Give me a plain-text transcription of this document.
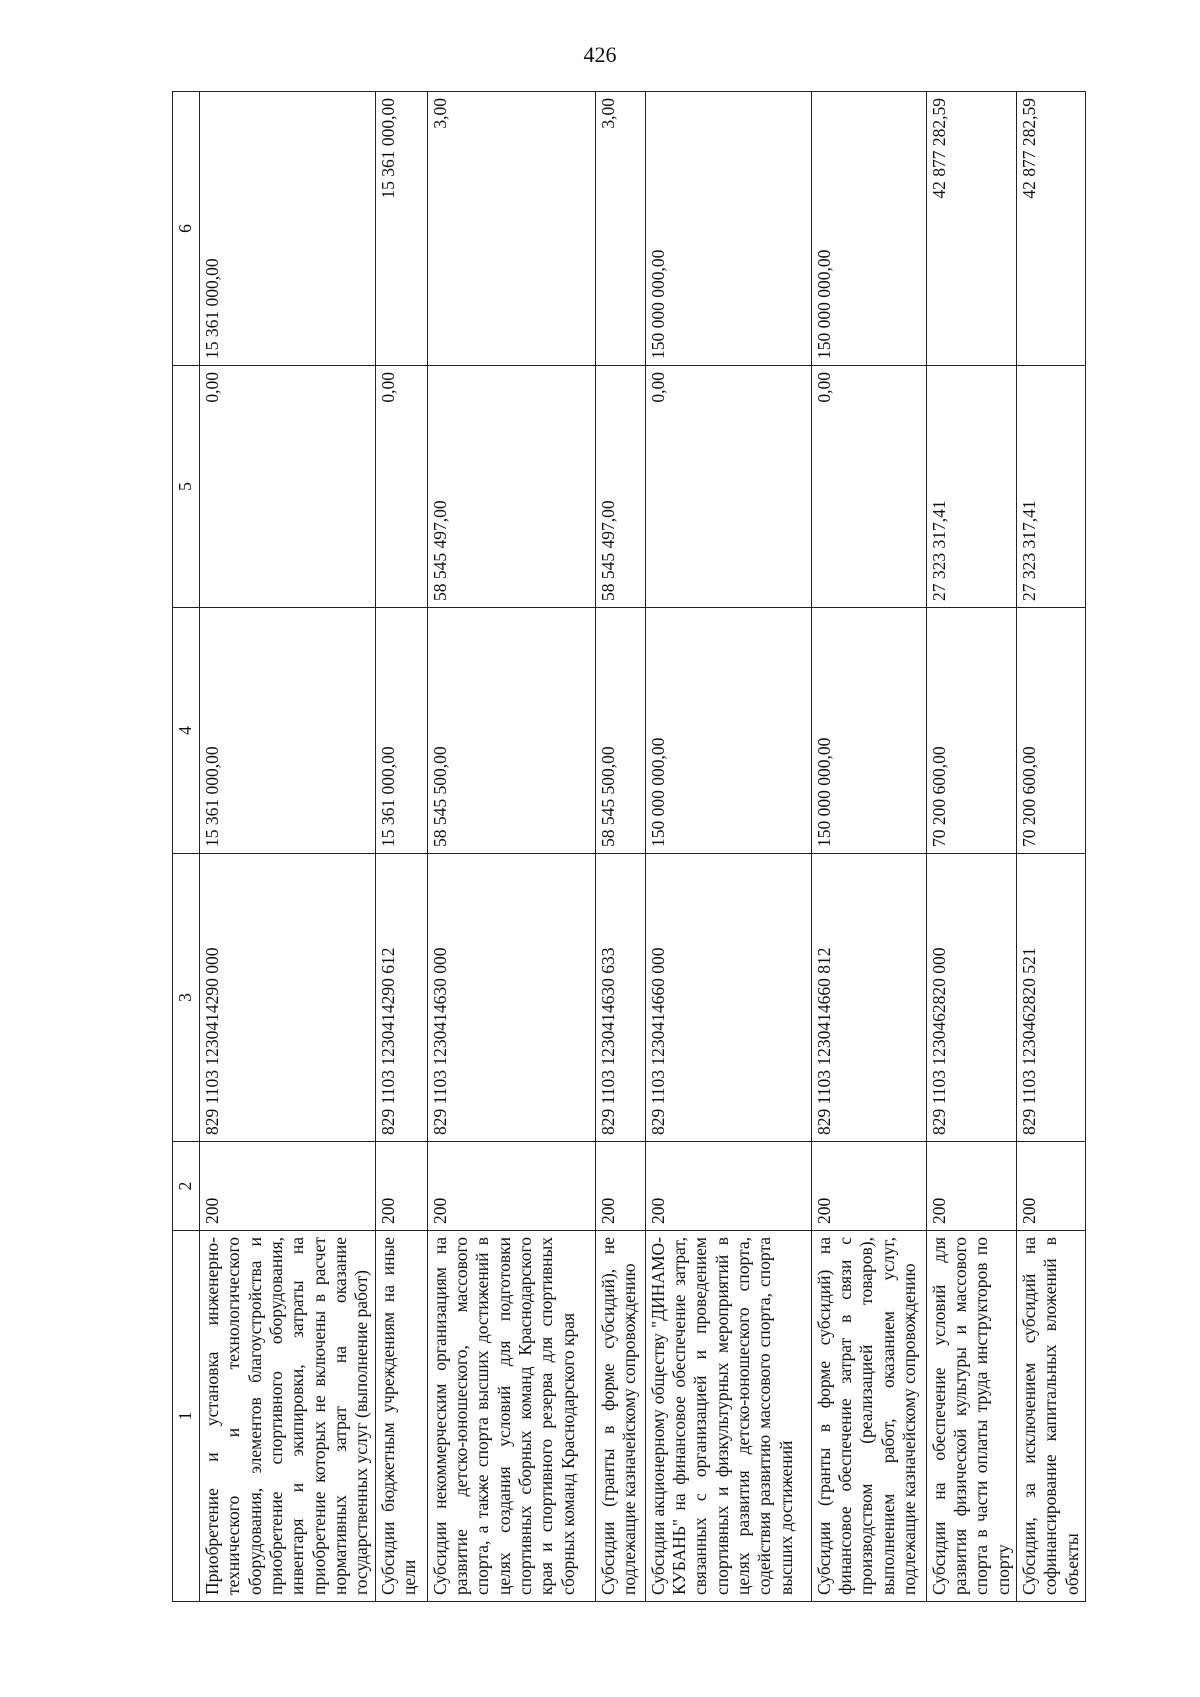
426
1	2	3	4	5	6
Приобретение и установка инженерно-технического и технологического оборудования, элементов благоустройства и приобретение спортивного оборудования, инвентаря и экипировки, затраты на приобретение которых не включены в расчет нормативных затрат на оказание государственных услуг (выполнение работ)	200	829 1103 1230414290 000	15 361 000,00	0,00	15 361 000,00
Субсидии бюджетным учреждениям на иные цели	200	829 1103 1230414290 612	15 361 000,00	0,00	15 361 000,00
Субсидии некоммерческим организациям на развитие детско-юношеского, массового спорта, а также спорта высших достижений в целях создания условий для подготовки спортивных сборных команд Краснодарского края и спортивного резерва для спортивных сборных команд Краснодарского края	200	829 1103 1230414630 000	58 545 500,00	58 545 497,00	3,00
Субсидии (гранты в форме субсидий), не подлежащие казначейскому сопровождению	200	829 1103 1230414630 633	58 545 500,00	58 545 497,00	3,00
Субсидии акционерному обществу "ДИНАМО-КУБАНЬ" на финансовое обеспечение затрат, связанных с организацией и проведением спортивных и физкультурных мероприятий в целях развития детско-юношеского спорта, содействия развитию массового спорта, спорта высших достижений	200	829 1103 1230414660 000	150 000 000,00	0,00	150 000 000,00
Субсидии (гранты в форме субсидий) на финансовое обеспечение затрат в связи с производством (реализацией товаров), выполнением работ, оказанием услуг, подлежащие казначейскому сопровождению	200	829 1103 1230414660 812	150 000 000,00	0,00	150 000 000,00
Субсидии на обеспечение условий для развития физической культуры и массового спорта в части оплаты труда инструкторов по спорту	200	829 1103 1230462820 000	70 200 600,00	27 323 317,41	42 877 282,59
Субсидии, за исключением субсидий на софинансирование капитальных вложений в объекты	200	829 1103 1230462820 521	70 200 600,00	27 323 317,41	42 877 282,59
